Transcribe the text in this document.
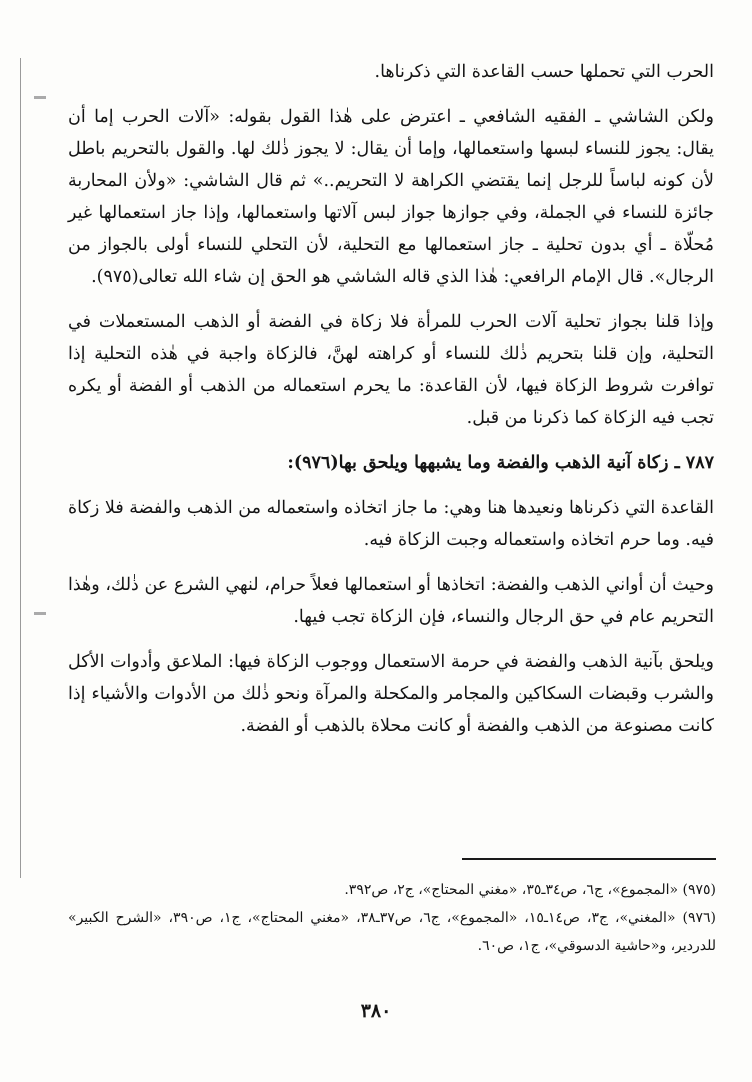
الحرب التي تحملها حسب القاعدة التي ذكرناها.

ولكن الشاشي ـ الفقيه الشافعي ـ اعترض على هٰذا القول بقوله: «آلات الحرب إما أن يقال: يجوز للنساء لبسها واستعمالها، وإما أن يقال: لا يجوز ذٰلك لها. والقول بالتحريم باطل لأن كونه لباساً للرجل إنما يقتضي الكراهة لا التحريم..» ثم قال الشاشي: «ولأن المحاربة جائزة للنساء في الجملة، وفي جوازها جواز لبس آلاتها واستعمالها، وإذا جاز استعمالها غير مُحلّاة ـ أي بدون تحلية ـ جاز استعمالها مع التحلية، لأن التحلي للنساء أولى بالجواز من الرجال». قال الإمام الرافعي: هٰذا الذي قاله الشاشي هو الحق إن شاء الله تعالى(٩٧٥).

وإذا قلنا بجواز تحلية آلات الحرب للمرأة فلا زكاة في الفضة أو الذهب المستعملات في التحلية، وإن قلنا بتحريم ذٰلك للنساء أو كراهته لهنَّ، فالزكاة واجبة في هٰذه التحلية إذا توافرت شروط الزكاة فيها، لأن القاعدة: ما يحرم استعماله من الذهب أو الفضة أو يكره تجب فيه الزكاة كما ذكرنا من قبل.

٧٨٧ ـ زكاة آنية الذهب والفضة وما يشبهها ويلحق بها(٩٧٦):

القاعدة التي ذكرناها ونعيدها هنا وهي: ما جاز اتخاذه واستعماله من الذهب والفضة فلا زكاة فيه. وما حرم اتخاذه واستعماله وجبت الزكاة فيه.

وحيث أن أواني الذهب والفضة: اتخاذها أو استعمالها فعلاً حرام، لنهي الشرع عن ذٰلك، وهٰذا التحريم عام في حق الرجال والنساء، فإن الزكاة تجب فيها.

ويلحق بآنية الذهب والفضة في حرمة الاستعمال ووجوب الزكاة فيها: الملاعق وأدوات الأكل والشرب وقبضات السكاكين والمجامر والمكحلة والمرآة ونحو ذٰلك من الأدوات والأشياء إذا كانت مصنوعة من الذهب والفضة أو كانت محلاة بالذهب أو الفضة.

(٩٧٥) «المجموع»، ج٦، ص٣٤ـ٣٥، «مغني المحتاج»، ج٢، ص٣٩٢.

(٩٧٦) «المغني»، ج٣، ص١٤ـ١٥، «المجموع»، ج٦، ص٣٧ـ٣٨، «مغني المحتاج»، ج١، ص٣٩٠، «الشرح الكبير» للدردير، و«حاشية الدسوقي»، ج١، ص٦٠.

٣٨٠
